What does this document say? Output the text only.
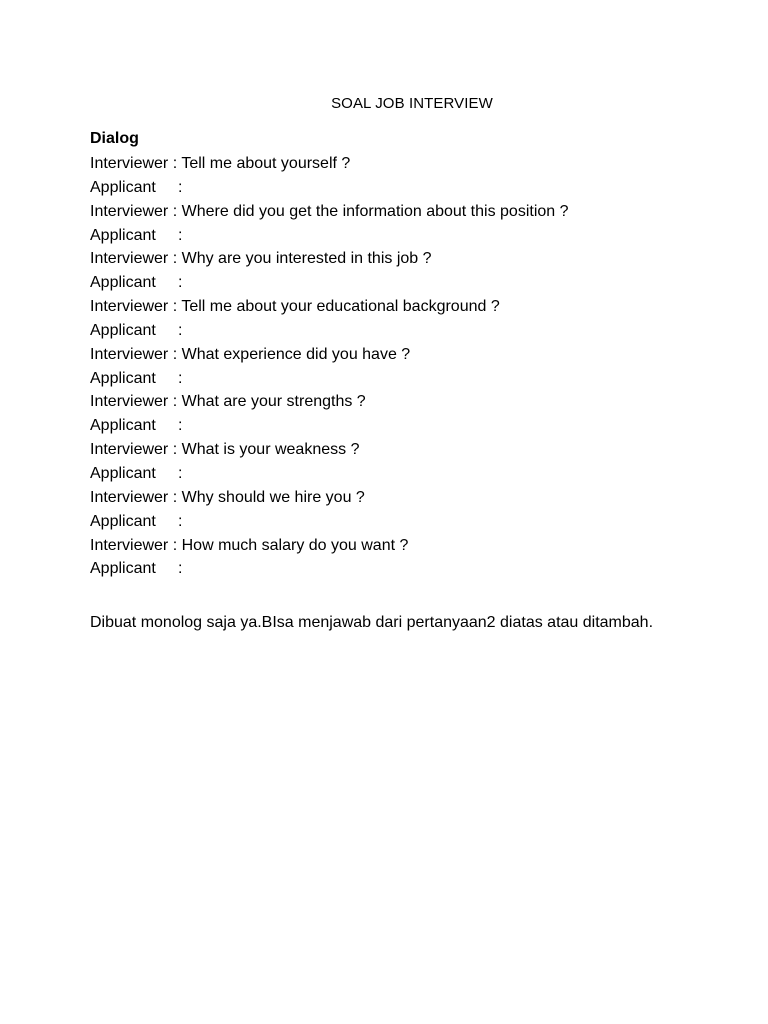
SOAL JOB INTERVIEW
Dialog
Interviewer : Tell me about yourself ?
Applicant :
Interviewer : Where did you get the information about this position ?
Applicant :
Interviewer : Why are you interested in this job ?
Applicant :
Interviewer : Tell me about your educational background ?
Applicant :
Interviewer : What experience did you have ?
Applicant :
Interviewer : What are your strengths ?
Applicant :
Interviewer : What is your weakness ?
Applicant :
Interviewer : Why should we hire you ?
Applicant :
Interviewer : How much salary do you want ?
Applicant :
Dibuat monolog saja ya.BIsa menjawab dari pertanyaan2 diatas atau ditambah.
